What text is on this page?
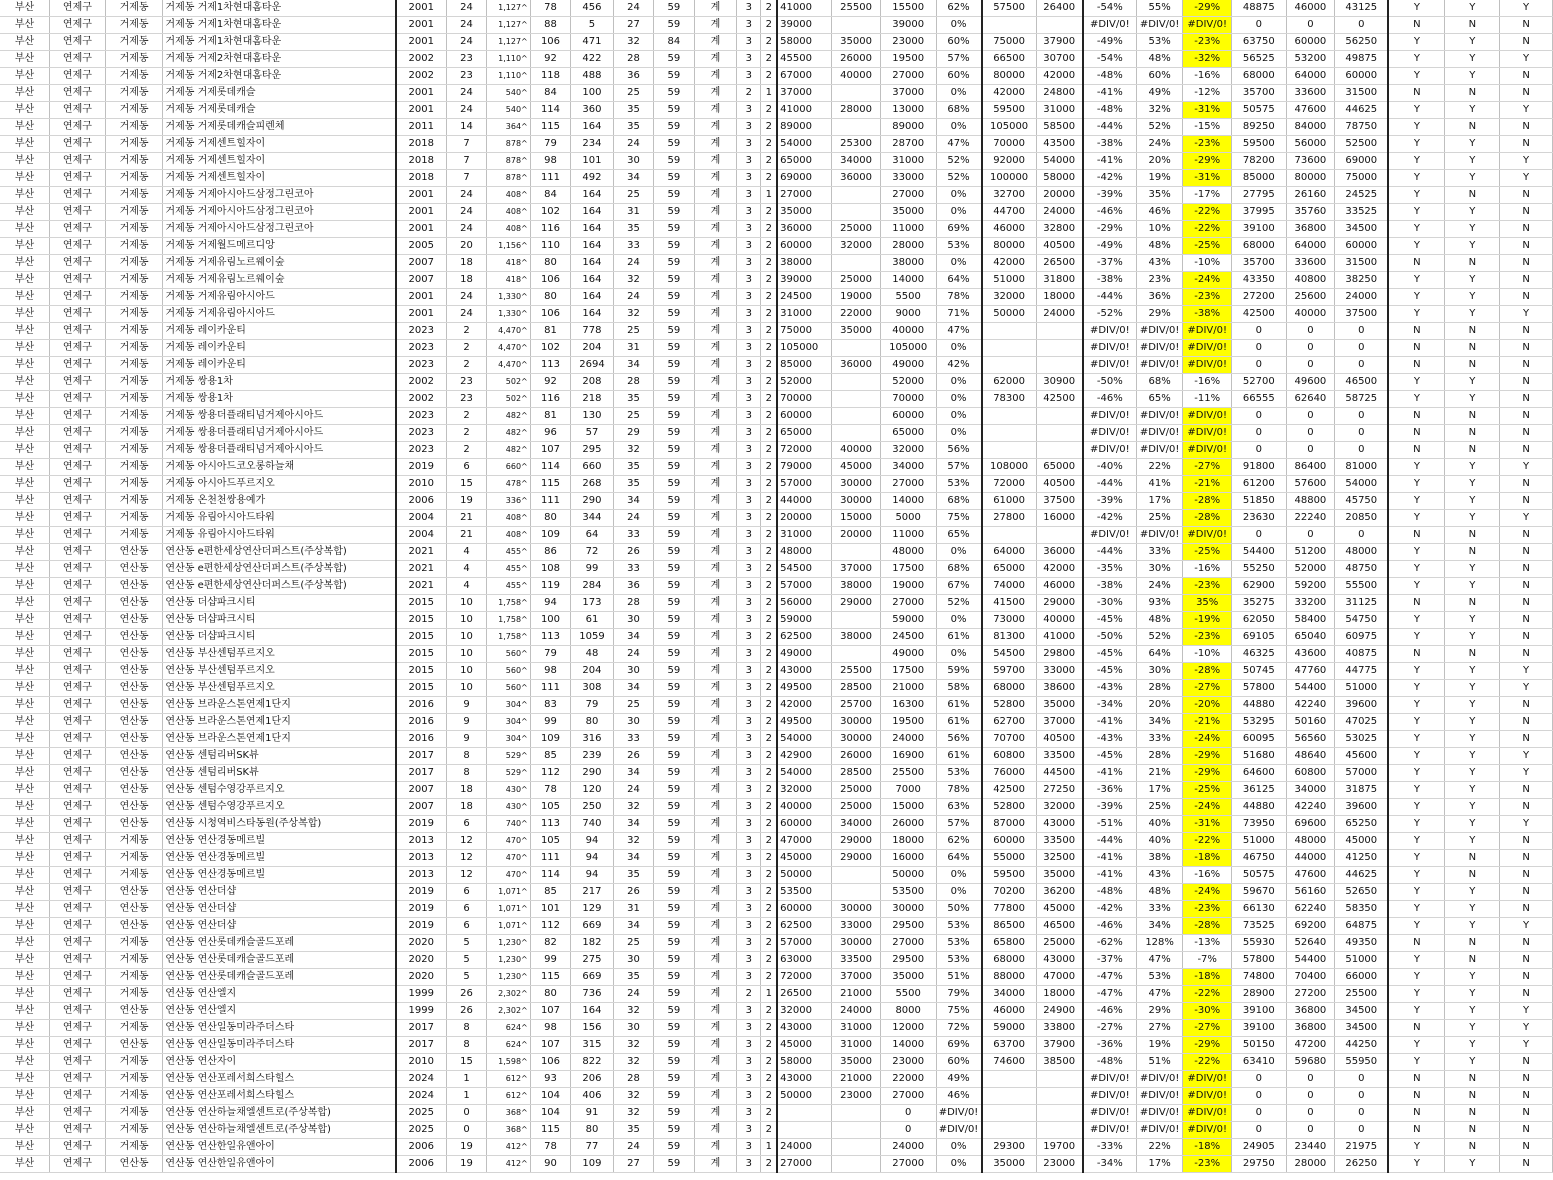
부산	연제구	거제동	거제동 거제1차현대홈타운	2001	24	1,127^	78	456	24	59	계	3	2	41000	25500	15500	62%	57500	26400	-54%	55%	-29%	48875	46000	43125	Y	Y	Y
부산	연제구	거제동	거제동 거제1차현대홈타운	2001	24	1,127^	88	5	27	59	계	3	2	39000		39000	0%			#DIV/0!	#DIV/0!	#DIV/0!	0	0	0	N	N	N
부산	연제구	거제동	거제동 거제1차현대홈타운	2001	24	1,127^	106	471	32	84	계	3	2	58000	35000	23000	60%	75000	37900	-49%	53%	-23%	63750	60000	56250	Y	Y	N
부산	연제구	거제동	거제동 거제2차현대홈타운	2002	23	1,110^	92	422	28	59	계	3	2	45500	26000	19500	57%	66500	30700	-54%	48%	-32%	56525	53200	49875	Y	Y	Y
부산	연제구	거제동	거제동 거제2차현대홈타운	2002	23	1,110^	118	488	36	59	계	3	2	67000	40000	27000	60%	80000	42000	-48%	60%	-16%	68000	64000	60000	Y	Y	N
부산	연제구	거제동	거제동 거제롯데캐슬	2001	24	540^	84	100	25	59	계	2	1	37000		37000	0%	42000	24800	-41%	49%	-12%	35700	33600	31500	N	N	N
부산	연제구	거제동	거제동 거제롯데캐슬	2001	24	540^	114	360	35	59	계	3	2	41000	28000	13000	68%	59500	31000	-48%	32%	-31%	50575	47600	44625	Y	Y	Y
부산	연제구	거제동	거제동 거제롯데캐슬피렌체	2011	14	364^	115	164	35	59	계	3	2	89000		89000	0%	105000	58500	-44%	52%	-15%	89250	84000	78750	Y	N	N
부산	연제구	거제동	거제동 거제센트힐자이	2018	7	878^	79	234	24	59	계	3	2	54000	25300	28700	47%	70000	43500	-38%	24%	-23%	59500	56000	52500	Y	Y	N
부산	연제구	거제동	거제동 거제센트힐자이	2018	7	878^	98	101	30	59	계	3	2	65000	34000	31000	52%	92000	54000	-41%	20%	-29%	78200	73600	69000	Y	Y	Y
부산	연제구	거제동	거제동 거제센트힐자이	2018	7	878^	111	492	34	59	계	3	2	69000	36000	33000	52%	100000	58000	-42%	19%	-31%	85000	80000	75000	Y	Y	Y
부산	연제구	거제동	거제동 거제아시아드삼정그린코아	2001	24	408^	84	164	25	59	계	3	1	27000		27000	0%	32700	20000	-39%	35%	-17%	27795	26160	24525	Y	N	N
부산	연제구	거제동	거제동 거제아시아드삼정그린코아	2001	24	408^	102	164	31	59	계	3	2	35000		35000	0%	44700	24000	-46%	46%	-22%	37995	35760	33525	Y	Y	N
부산	연제구	거제동	거제동 거제아시아드삼정그린코아	2001	24	408^	116	164	35	59	계	3	2	36000	25000	11000	69%	46000	32800	-29%	10%	-22%	39100	36800	34500	Y	Y	N
부산	연제구	거제동	거제동 거제월드메르디앙	2005	20	1,156^	110	164	33	59	계	3	2	60000	32000	28000	53%	80000	40500	-49%	48%	-25%	68000	64000	60000	Y	Y	N
부산	연제구	거제동	거제동 거제유림노르웨이숲	2007	18	418^	80	164	24	59	계	3	2	38000		38000	0%	42000	26500	-37%	43%	-10%	35700	33600	31500	N	N	N
부산	연제구	거제동	거제동 거제유림노르웨이숲	2007	18	418^	106	164	32	59	계	3	2	39000	25000	14000	64%	51000	31800	-38%	23%	-24%	43350	40800	38250	Y	Y	N
부산	연제구	거제동	거제동 거제유림아시아드	2001	24	1,330^	80	164	24	59	계	3	2	24500	19000	5500	78%	32000	18000	-44%	36%	-23%	27200	25600	24000	Y	Y	N
부산	연제구	거제동	거제동 거제유림아시아드	2001	24	1,330^	106	164	32	59	계	3	2	31000	22000	9000	71%	50000	24000	-52%	29%	-38%	42500	40000	37500	Y	Y	Y
부산	연제구	거제동	거제동 레이카운티	2023	2	4,470^	81	778	25	59	계	3	2	75000	35000	40000	47%			#DIV/0!	#DIV/0!	#DIV/0!	0	0	0	N	N	N
부산	연제구	거제동	거제동 레이카운티	2023	2	4,470^	102	204	31	59	계	3	2	105000		105000	0%			#DIV/0!	#DIV/0!	#DIV/0!	0	0	0	N	N	N
부산	연제구	거제동	거제동 레이카운티	2023	2	4,470^	113	2694	34	59	계	3	2	85000	36000	49000	42%			#DIV/0!	#DIV/0!	#DIV/0!	0	0	0	N	N	N
부산	연제구	거제동	거제동 쌍용1차	2002	23	502^	92	208	28	59	계	3	2	52000		52000	0%	62000	30900	-50%	68%	-16%	52700	49600	46500	Y	Y	N
부산	연제구	거제동	거제동 쌍용1차	2002	23	502^	116	218	35	59	계	3	2	70000		70000	0%	78300	42500	-46%	65%	-11%	66555	62640	58725	Y	Y	N
부산	연제구	거제동	거제동 쌍용더플래티넘거제아시아드	2023	2	482^	81	130	25	59	계	3	2	60000		60000	0%			#DIV/0!	#DIV/0!	#DIV/0!	0	0	0	N	N	N
부산	연제구	거제동	거제동 쌍용더플래티넘거제아시아드	2023	2	482^	96	57	29	59	계	3	2	65000		65000	0%			#DIV/0!	#DIV/0!	#DIV/0!	0	0	0	N	N	N
부산	연제구	거제동	거제동 쌍용더플래티넘거제아시아드	2023	2	482^	107	295	32	59	계	3	2	72000	40000	32000	56%			#DIV/0!	#DIV/0!	#DIV/0!	0	0	0	N	N	N
부산	연제구	거제동	거제동 아시아드코오롱하늘채	2019	6	660^	114	660	35	59	계	3	2	79000	45000	34000	57%	108000	65000	-40%	22%	-27%	91800	86400	81000	Y	Y	Y
부산	연제구	거제동	거제동 아시아드푸르지오	2010	15	478^	115	268	35	59	계	3	2	57000	30000	27000	53%	72000	40500	-44%	41%	-21%	61200	57600	54000	Y	Y	N
부산	연제구	거제동	거제동 온천천쌍용예가	2006	19	336^	111	290	34	59	계	3	2	44000	30000	14000	68%	61000	37500	-39%	17%	-28%	51850	48800	45750	Y	Y	N
부산	연제구	거제동	거제동 유림아시아드타워	2004	21	408^	80	344	24	59	계	3	2	20000	15000	5000	75%	27800	16000	-42%	25%	-28%	23630	22240	20850	Y	Y	Y
부산	연제구	거제동	거제동 유림아시아드타워	2004	21	408^	109	64	33	59	계	3	2	31000	20000	11000	65%			#DIV/0!	#DIV/0!	#DIV/0!	0	0	0	N	N	N
부산	연제구	연산동	연산동 e편한세상연산더퍼스트(주상복합)	2021	4	455^	86	72	26	59	계	3	2	48000		48000	0%	64000	36000	-44%	33%	-25%	54400	51200	48000	Y	N	N
부산	연제구	연산동	연산동 e편한세상연산더퍼스트(주상복합)	2021	4	455^	108	99	33	59	계	3	2	54500	37000	17500	68%	65000	42000	-35%	30%	-16%	55250	52000	48750	Y	Y	N
부산	연제구	연산동	연산동 e편한세상연산더퍼스트(주상복합)	2021	4	455^	119	284	36	59	계	3	2	57000	38000	19000	67%	74000	46000	-38%	24%	-23%	62900	59200	55500	Y	Y	N
부산	연제구	연산동	연산동 더샵파크시티	2015	10	1,758^	94	173	28	59	계	3	2	56000	29000	27000	52%	41500	29000	-30%	93%	35%	35275	33200	31125	N	N	N
부산	연제구	연산동	연산동 더샵파크시티	2015	10	1,758^	100	61	30	59	계	3	2	59000		59000	0%	73000	40000	-45%	48%	-19%	62050	58400	54750	Y	Y	N
부산	연제구	연산동	연산동 더샵파크시티	2015	10	1,758^	113	1059	34	59	계	3	2	62500	38000	24500	61%	81300	41000	-50%	52%	-23%	69105	65040	60975	Y	Y	N
부산	연제구	연산동	연산동 부산센텀푸르지오	2015	10	560^	79	48	24	59	계	3	2	49000		49000	0%	54500	29800	-45%	64%	-10%	46325	43600	40875	N	N	N
부산	연제구	연산동	연산동 부산센텀푸르지오	2015	10	560^	98	204	30	59	계	3	2	43000	25500	17500	59%	59700	33000	-45%	30%	-28%	50745	47760	44775	Y	Y	Y
부산	연제구	연산동	연산동 부산센텀푸르지오	2015	10	560^	111	308	34	59	계	3	2	49500	28500	21000	58%	68000	38600	-43%	28%	-27%	57800	54400	51000	Y	Y	Y
부산	연제구	연산동	연산동 브라운스톤연제1단지	2016	9	304^	83	79	25	59	계	3	2	42000	25700	16300	61%	52800	35000	-34%	20%	-20%	44880	42240	39600	Y	Y	N
부산	연제구	연산동	연산동 브라운스톤연제1단지	2016	9	304^	99	80	30	59	계	3	2	49500	30000	19500	61%	62700	37000	-41%	34%	-21%	53295	50160	47025	Y	Y	N
부산	연제구	연산동	연산동 브라운스톤연제1단지	2016	9	304^	109	316	33	59	계	3	2	54000	30000	24000	56%	70700	40500	-43%	33%	-24%	60095	56560	53025	Y	Y	N
부산	연제구	연산동	연산동 센텀리버SK뷰	2017	8	529^	85	239	26	59	계	3	2	42900	26000	16900	61%	60800	33500	-45%	28%	-29%	51680	48640	45600	Y	Y	Y
부산	연제구	연산동	연산동 센텀리버SK뷰	2017	8	529^	112	290	34	59	계	3	2	54000	28500	25500	53%	76000	44500	-41%	21%	-29%	64600	60800	57000	Y	Y	Y
부산	연제구	연산동	연산동 센텀수영강푸르지오	2007	18	430^	78	120	24	59	계	3	2	32000	25000	7000	78%	42500	27250	-36%	17%	-25%	36125	34000	31875	Y	Y	N
부산	연제구	연산동	연산동 센텀수영강푸르지오	2007	18	430^	105	250	32	59	계	3	2	40000	25000	15000	63%	52800	32000	-39%	25%	-24%	44880	42240	39600	Y	Y	N
부산	연제구	연산동	연산동 시청역비스타동원(주상복합)	2019	6	740^	113	740	34	59	계	3	2	60000	34000	26000	57%	87000	43000	-51%	40%	-31%	73950	69600	65250	Y	Y	Y
부산	연제구	거제동	연산동 연산경동메르빌	2013	12	470^	105	94	32	59	계	3	2	47000	29000	18000	62%	60000	33500	-44%	40%	-22%	51000	48000	45000	Y	Y	N
부산	연제구	거제동	연산동 연산경동메르빌	2013	12	470^	111	94	34	59	계	3	2	45000	29000	16000	64%	55000	32500	-41%	38%	-18%	46750	44000	41250	Y	N	N
부산	연제구	거제동	연산동 연산경동메르빌	2013	12	470^	114	94	35	59	계	3	2	50000		50000	0%	59500	35000	-41%	43%	-16%	50575	47600	44625	Y	N	N
부산	연제구	연산동	연산동 연산더샵	2019	6	1,071^	85	217	26	59	계	3	2	53500		53500	0%	70200	36200	-48%	48%	-24%	59670	56160	52650	Y	Y	N
부산	연제구	연산동	연산동 연산더샵	2019	6	1,071^	101	129	31	59	계	3	2	60000	30000	30000	50%	77800	45000	-42%	33%	-23%	66130	62240	58350	Y	Y	N
부산	연제구	연산동	연산동 연산더샵	2019	6	1,071^	112	669	34	59	계	3	2	62500	33000	29500	53%	86500	46500	-46%	34%	-28%	73525	69200	64875	Y	Y	Y
부산	연제구	거제동	연산동 연산롯데캐슬골드포레	2020	5	1,230^	82	182	25	59	계	3	2	57000	30000	27000	53%	65800	25000	-62%	128%	-13%	55930	52640	49350	N	N	N
부산	연제구	거제동	연산동 연산롯데캐슬골드포레	2020	5	1,230^	99	275	30	59	계	3	2	63000	33500	29500	53%	68000	43000	-37%	47%	-7%	57800	54400	51000	Y	N	N
부산	연제구	거제동	연산동 연산롯데캐슬골드포레	2020	5	1,230^	115	669	35	59	계	3	2	72000	37000	35000	51%	88000	47000	-47%	53%	-18%	74800	70400	66000	Y	Y	N
부산	연제구	거제동	연산동 연산엘지	1999	26	2,302^	80	736	24	59	계	2	1	26500	21000	5500	79%	34000	18000	-47%	47%	-22%	28900	27200	25500	Y	Y	N
부산	연제구	연산동	연산동 연산엘지	1999	26	2,302^	107	164	32	59	계	3	2	32000	24000	8000	75%	46000	24900	-46%	29%	-30%	39100	36800	34500	Y	Y	Y
부산	연제구	거제동	연산동 연산일동미라주더스타	2017	8	624^	98	156	30	59	계	3	2	43000	31000	12000	72%	59000	33800	-27%	27%	-27%	39100	36800	34500	N	Y	Y
부산	연제구	연산동	연산동 연산일동미라주더스타	2017	8	624^	107	315	32	59	계	3	2	45000	31000	14000	69%	63700	37900	-36%	19%	-29%	50150	47200	44250	Y	Y	Y
부산	연제구	거제동	연산동 연산자이	2010	15	1,598^	106	822	32	59	계	3	2	58000	35000	23000	60%	74600	38500	-48%	51%	-22%	63410	59680	55950	Y	Y	N
부산	연제구	거제동	연산동 연산포레서희스타힐스	2024	1	612^	93	206	28	59	계	3	2	43000	21000	22000	49%			#DIV/0!	#DIV/0!	#DIV/0!	0	0	0	N	N	N
부산	연제구	거제동	연산동 연산포레서희스타힐스	2024	1	612^	104	406	32	59	계	3	2	50000	23000	27000	46%			#DIV/0!	#DIV/0!	#DIV/0!	0	0	0	N	N	N
부산	연제구	거제동	연산동 연산하늘채엘센트로(주상복합)	2025	0	368^	104	91	32	59	계	3	2			0	#DIV/0!			#DIV/0!	#DIV/0!	#DIV/0!	0	0	0	N	N	N
부산	연제구	거제동	연산동 연산하늘채엘센트로(주상복합)	2025	0	368^	115	80	35	59	계	3	2			0	#DIV/0!			#DIV/0!	#DIV/0!	#DIV/0!	0	0	0	N	N	N
부산	연제구	거제동	연산동 연산한일유앤아이	2006	19	412^	78	77	24	59	계	3	1	24000		24000	0%	29300	19700	-33%	22%	-18%	24905	23440	21975	Y	N	N
부산	연제구	연산동	연산동 연산한일유앤아이	2006	19	412^	90	109	27	59	계	3	2	27000		27000	0%	35000	23000	-34%	17%	-23%	29750	28000	26250	Y	Y	N
